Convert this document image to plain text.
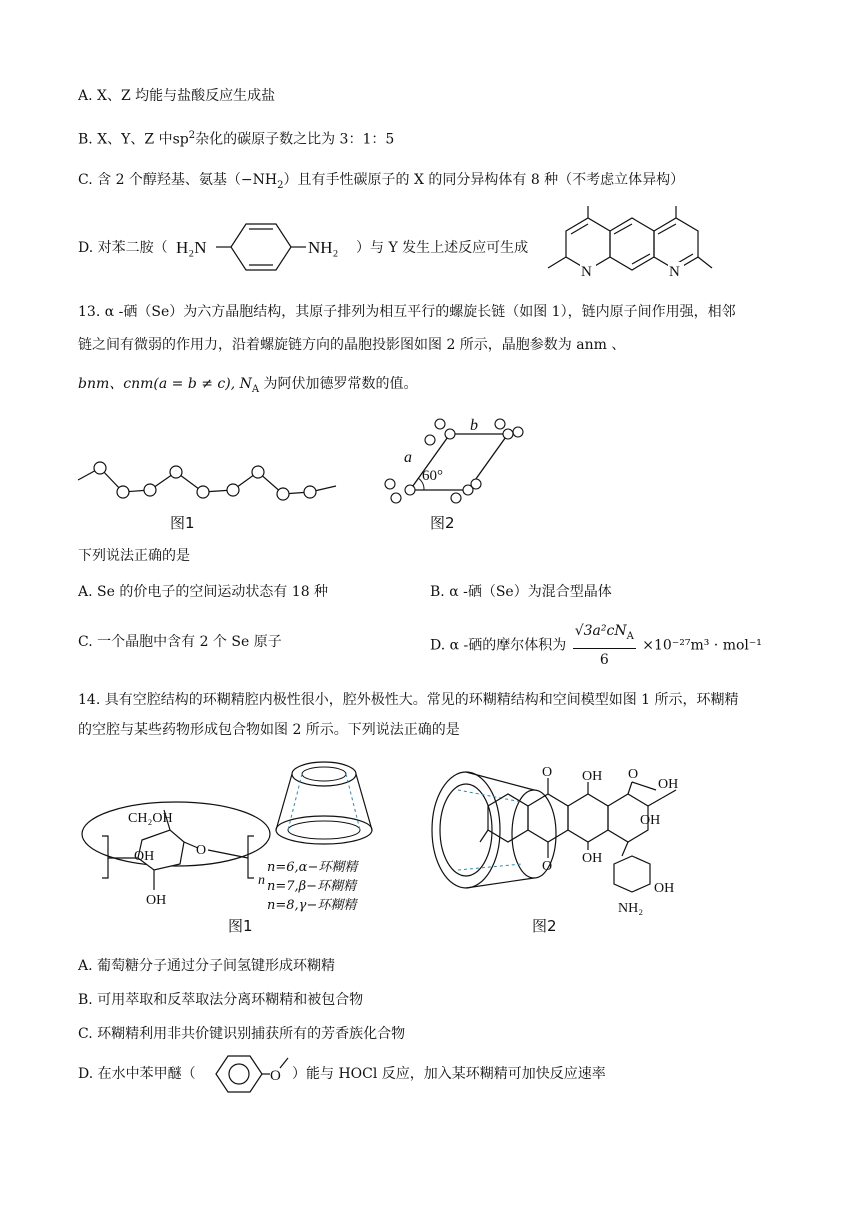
A. X、Z 均能与盐酸反应生成盐
B. X、Y、Z 中$sp^2$杂化的碳原子数之比为 3：1：5
C. 含 2 个醇羟基、氨基$(-NH_2)$且有手性碳原子的 X 的同分异构体有 8 种（不考虑立体异构）
D. 对苯二胺（ H₂N	NH₂ ）与 Y 发生上述反应可生成
N	N
13. α -硒（Se）为六方晶胞结构，其原子排列为相互平行的螺旋长链（如图 1），链内原子间作用强，相邻
链之间有微弱的作用力，沿着螺旋链方向的晶胞投影图如图 2 所示，晶胞参数为 anm 、
bnm、cnm(a = b ≠ c), $N_A$ 为阿伏加德罗常数的值。
图1
a
b
60°
图2
下列说法正确的是
A. Se 的价电子的空间运动状态有 18 种	B. α -硒（Se）为混合型晶体
C. 一个晶胞中含有 2 个 Se 原子	D. α -硒的摩尔体积为 $\frac{√3a^2cN_A}{6} \times 10^{-27}m^3 \cdot mol^{-1}$
14. 具有空腔结构的环糊精腔内极性很小，腔外极性大。常见的环糊精结构和空间模型如图 1 所示，环糊精
的空腔与某些药物形成包合物如图 2 所示。下列说法正确的是
CH₂OH
OH
OH
O
n
n=6,α−环糊精
n=7,β−环糊精
n=8,γ−环糊精
图1
O
O
OH
OH
O
OH
OH
OH
NH₂
图2
A. 葡萄糖分子通过分子间氢键形成环糊精
B. 可用萃取和反萃取法分离环糊精和被包合物
C. 环糊精利用非共价键识别捕获所有的芳香族化合物
D. 在水中苯甲醚（	O ）能与 HOCl 反应，加入某环糊精可加快反应速率
